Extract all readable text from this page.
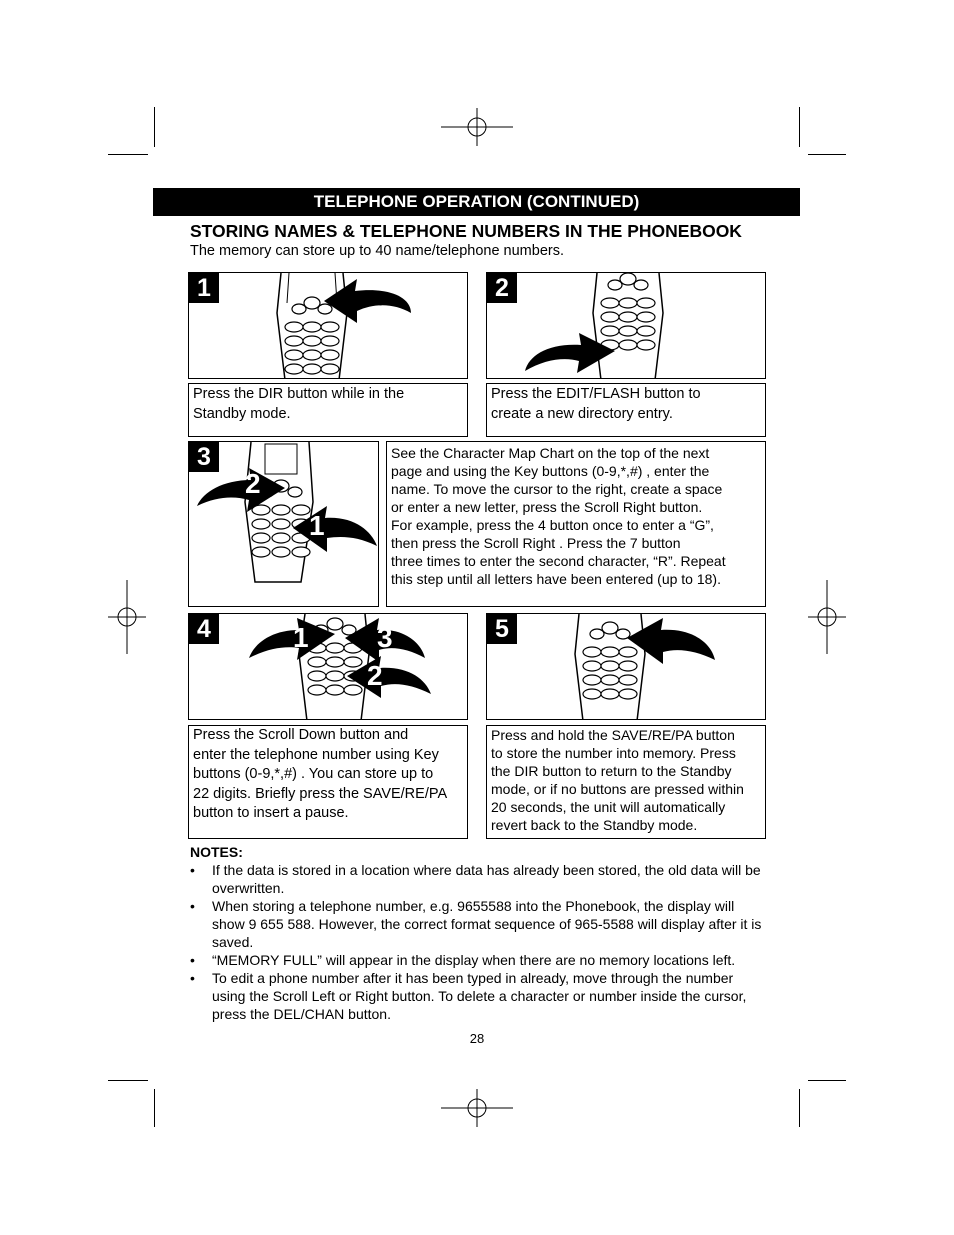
TELEPHONE OPERATION (CONTINUED)
STORING NAMES & TELEPHONE NUMBERS IN THE PHONEBOOK
The memory can store up to 40 name/telephone numbers.
1
Press the DIR button while in the
Standby mode.
2
Press the EDIT/FLASH button to
create a new directory entry.
3
2
1
See the Character Map Chart on the top of the next
page and using the Key buttons (0-9,*,#) , enter the
name. To move the cursor to the right, create a space
or enter a new letter, press the Scroll Right button.
For example, press the 4 button once to enter a “G”,
then press the Scroll Right . Press the 7 button
three times to enter the second character, “R”. Repeat
this step until all letters have been entered (up to 18).
4	1 3
2
Press the Scroll Down button and
enter the telephone number using Key
buttons (0-9,*,#) . You can store up to
22 digits. Briefly press the SAVE/RE/PA
button to insert a pause.
5
Press and hold the SAVE/RE/PA button
to store the number into memory. Press
the DIR button to return to the Standby
mode, or if no buttons are pressed within
20 seconds, the unit will automatically
revert back to the Standby mode.
NOTES:
• If the data is stored in a location where data has already been stored, the old data will be overwritten.
• When storing a telephone number, e.g. 9655588 into the Phonebook, the display will show 9 655 588. However, the correct format sequence of 965-5588 will display after it is saved.
• “MEMORY FULL” will appear in the display when there are no memory locations left.
• To edit a phone number after it has been typed in already, move through the number using the Scroll Left or Right button. To delete a character or number inside the cursor, press the DEL/CHAN button.
28
